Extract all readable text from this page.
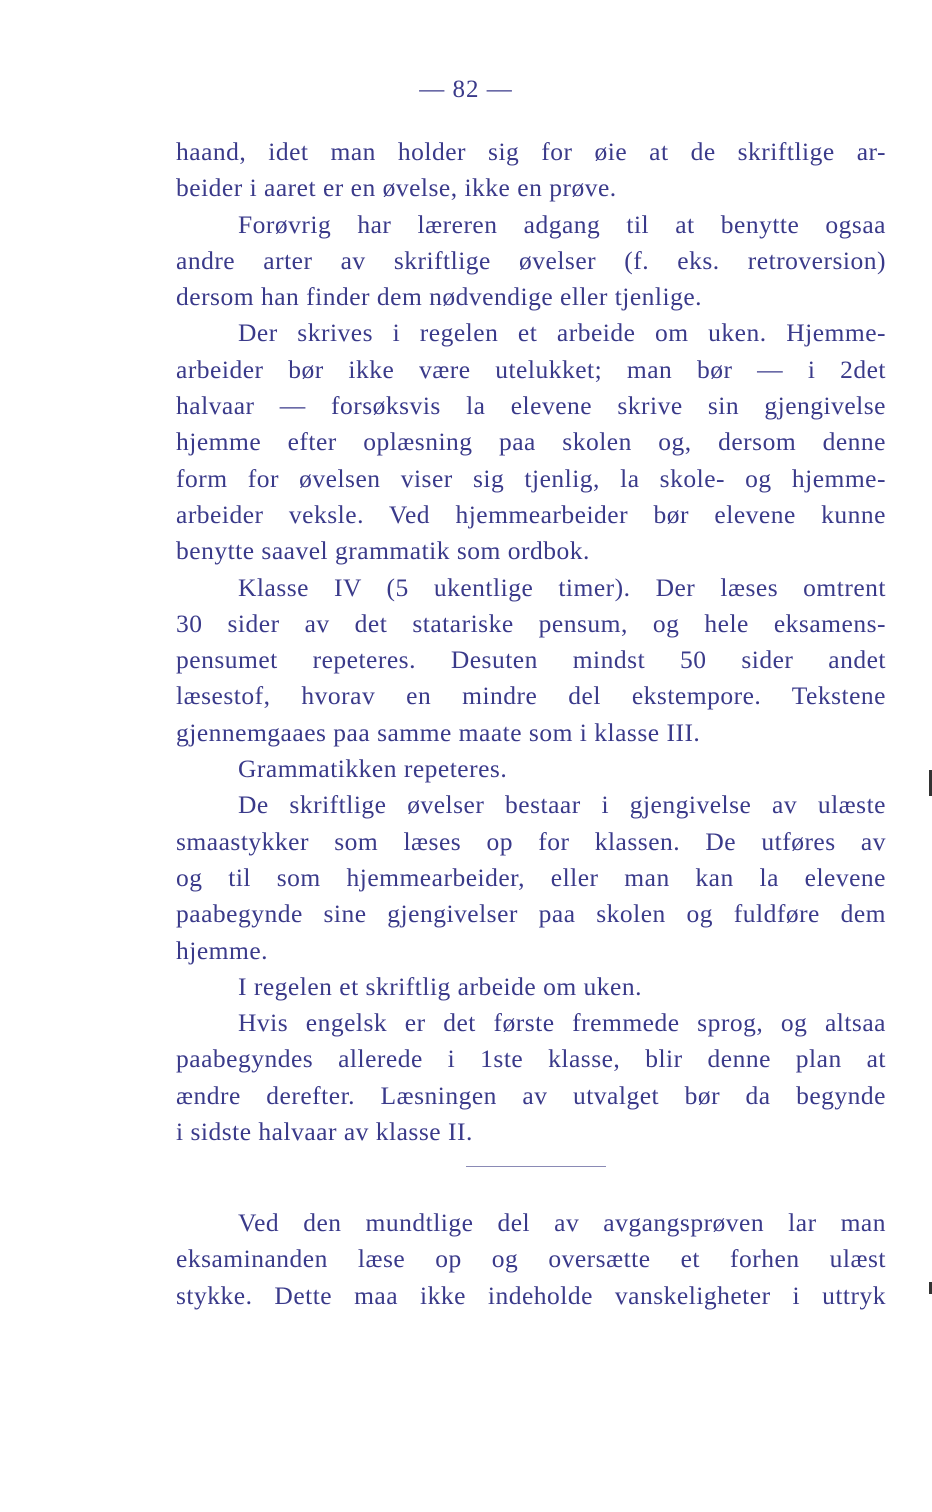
— 82 —
haand, idet man holder sig for øie at de skriftlige ar-
beider i aaret er en øvelse, ikke en prøve.
Forøvrig har læreren adgang til at benytte ogsaa
andre arter av skriftlige øvelser (f. eks. retroversion)
dersom han finder dem nødvendige eller tjenlige.
Der skrives i regelen et arbeide om uken. Hjemme-
arbeider bør ikke være utelukket; man bør — i 2det
halvaar — forsøksvis la elevene skrive sin gjengivelse
hjemme efter oplæsning paa skolen og, dersom denne
form for øvelsen viser sig tjenlig, la skole- og hjemme-
arbeider veksle. Ved hjemmearbeider bør elevene kunne
benytte saavel grammatik som ordbok.
Klasse IV (5 ukentlige timer). Der læses omtrent
30 sider av det statariske pensum, og hele eksamens-
pensumet repeteres. Desuten mindst 50 sider andet
læsestof, hvorav en mindre del ekstempore. Tekstene
gjennemgaaes paa samme maate som i klasse III.
Grammatikken repeteres.
De skriftlige øvelser bestaar i gjengivelse av ulæste
smaastykker som læses op for klassen. De utføres av
og til som hjemmearbeider, eller man kan la elevene
paabegynde sine gjengivelser paa skolen og fuldføre dem
hjemme.
I regelen et skriftlig arbeide om uken.
Hvis engelsk er det første fremmede sprog, og altsaa
paabegyndes allerede i 1ste klasse, blir denne plan at
ændre derefter. Læsningen av utvalget bør da begynde
i sidste halvaar av klasse II.
Ved den mundtlige del av avgangsprøven lar man
eksaminanden læse op og oversætte et forhen ulæst
stykke. Dette maa ikke indeholde vanskeligheter i uttryk
